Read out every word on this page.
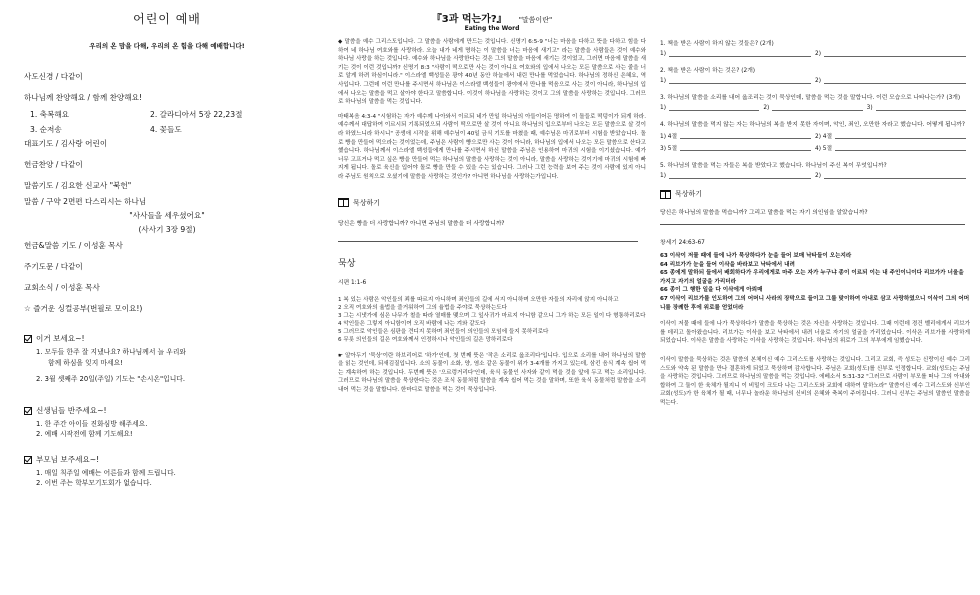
어린이 예배
우리의 온 맘을 다해, 우리의 온 힘을 다해 예배합니다!

사도신경 / 다같이

하나님께 찬양해요 / 함께 찬양해요!

1. 축복해요	2. 갈라디아서 5장 22,23절
3. 순저송	4. 꽃들도

대표기도 / 김사랑 어린이

헌금찬양 / 다같이

말씀기도 / 김요한 신교사 "북헌"

말씀 / 구약 2면편 다스리시는 하나님

"사사들을 세우셨어요"

(사사기 3장 9절)

헌금&말씀 기도 / 이성훈 목사

주기도문 / 다같이

교회소식 / 이성훈 목사

☆ 즐거운 싱컬공부(번필로 모이요!)

이거 보세요~!

1. 모두들 한주 잘 지냈나요? 하나님께서 늘 우리와

함께 하심을 잊지 마세요!

2. 3월 셋째주 20일(주일) 기도는 "손시온"입니다.

신생님들 반주세요~!

1. 한 주간 아이들 진화심방 해주세요.

2. 예배 시작전에 함께 기도해요!

부모님 보주세요~!

1. 매일 칙주일 예배는 어른들과 함께 드립니다.

2. 이번 주는 학부모기도회가 없습니다.

『3과 먹는가?』 "말씀이란"

Eating the Word

◆ 말씀을 예수 그리스도입니다. 그 말씀을 사람에게 만드는 것입니다. 신명기 6:5-9 "너는 마음을 다하고 뜻을 다하고 힘을 다하여 네 하나님 여호와를 사랑하라. 오늘 내가 네게 명하는 이 말씀을 너는 마음에 새기고" 라는 말씀을 사람들은 것이 예수와 하나님 사랑을 하는 것입니다. 예수와 하나님을 사랑한다는 것은 그의 말씀을 마음에 새기는 것이었고, 그러면 마음에 말씀을 새기는 것이 이런 것입니까? 신명기 8:3 "사람이 떡으로만 사는 것이 아니요 여호와의 입에서 나오는 모든 말씀으로 사는 줄을 너로 알게 하려 하심이니라." 이스라엘 백성들은 광야 40년 동안 하늘에서 내린 만나를 먹었습니다. 하나님의 정하신 은혜요, 역사입니다. 그런데 이런 만나를 주시면서 하나님은 이스라엘 백성들이 광야에서 만나를 먹음으로 사는 것이 아니라, 하나님의 입에서 나오는 말씀을 먹고 살아야 한다고 말씀합니다. 이것이 하나님을 사랑하는 것이고 그의 말씀을 사랑하는 것입니다. 그러므로 하나님의 말씀을 먹는 것입니다.

마태복음 4:3-4 "시험하는 자가 예수께 나아와서 이르되 네가 만일 하나님의 아들이어든 명하여 이 돌들로 떡덩이가 되게 하라. 예수께서 대답하여 이르시되 기록되었으되 사람이 떡으로만 살 것이 아니요 하나님의 입으로부터 나오는 모든 말씀으로 살 것이라 하였느니라 하시니" 공생애 시작을 위해 예수님이 40일 금식 기도를 마쳤을 때, 예수님은 마귀로부터 시험을 받았습니다. 돌로 빵을 만들어 먹으라는 것이었는데, 주님은 사람이 빵으로만 사는 것이 아니라, 하나님의 입에서 나오는 모든 말씀으로 산다고 했습니다. 하나님께서 이스라엘 백성들에게 만나를 주시면서 하신 말씀을 주님은 인용하여 마귀의 시험을 이기셨습니다. 예가 너무 고프거나 먹고 싶은 빵을 만들어 먹는 하나님의 말씀을 사랑하는 것이 아니라, 말씀을 사랑하는 것이기에 마귀의 시험에 빠지게 됩니다. 돌로 육신을 입어야 돌로 빵을 만들 수 있을 수는 있습니다. 그러나 그런 능력을 보여 주는 것이 사람에 있지 아니라 주님도 원칙으로 오셨기에 말씀을 사랑하는 것인가? 아니면 하나님을 사랑하는가입니다.

묵상하기

당신은 빵을 더 사랑합니까? 아니면 주님의 말씀을 더 사랑합니까?

묵상

시편 1:1-6

1 복 있는 사람은 악인들의 꾀를 따르지 아니하며 죄인들의 길에 서지 아니하며 오만한 자들의 자리에 앉지 아니하고

2 오직 여호와의 율법을 즐거워하여 그의 율법을 주야로 묵상하는도다

3 그는 시냇가에 심은 나무가 철을 따라 열매를 맺으며 그 잎사귀가 마르지 아니함 같으니 그가 하는 모든 일이 다 형통하리로다

4 악인들은 그렇지 아니함이여 오직 바람에 나는 겨와 같도다

5 그러므로 악인들은 심판을 견디지 못하며 죄인들이 의인들의 모임에 들지 못하리로다

6 무릇 의인들의 길은 여호와께서 인정하시나 악인들의 길은 망하리로다

☛ 알아두기 '묵상'이란 하브리어로 '하가'인데, 첫 번째 뜻은 '작은 소리로 읊조리다'입니다. 입으로 소리를 내어 하나님의 말씀을 읽는 것인데, 되새김질입니다. 소의 동물이 소화, 양, 염소 같은 동물이 위가 3-4개를 가지고 있는데, 삼킨 음식 계속 씹어 먹는 계속하여 하는 것입니다. 두번째 뜻은 '으르렁거리다'인데, 육식 동물인 사자와 같이 먹을 것을 앞에 두고 먹는 소리입니다. 그러므로 하나님의 말씀을 묵상한다는 것은 조식 동물처럼 말씀을 계속 씹어 먹는 것을 말하며, 또한 육식 동물처럼 말씀을 소리 내어 먹는 것을 말합니다. 한마디로 말씀을 먹는 것이 묵상입니다.

1. 책을 받은 사람이 하지 않는 것들은? (2개)

1)	2)

2. 책을 받은 사람이 하는 것은? (2개)

1)	2)

3. 하나님의 말씀을 소리를 내어 읊조리는 것이 묵상인데, 말씀을 먹는 것을 말합니다. 이런 모습으로 나타나는가? (3개)

1)	2)	3)

4. 하나님의 말씀을 먹지 않는 자는 하나님의 복을 받지 못한 자이며, 악인, 죄인, 오만한 자라고 했습니다. 어떻게 됩니까?

1) 4절	2) 4절
3) 5절	4) 5절

5. 하나님의 말씀을 먹는 자들은 복을 받았다고 했습니다. 하나님이 주신 복이 무엇입니까?

1)	2)
묵상하기

당신은 하나님의 말씀을 먹습니까? 그리고 말씀을 먹는 자기 의인임을 알았습니까?

창세기 24:63-67

63 이삭이 저물 때에 들에 나가 묵상하다가 눈을 들어 보매 낙타들이 오는지라

64 리브가가 눈을 들어 이삭을 바라보고 낙타에서 내려

65 종에게 말하되 들에서 배회하다가 우리에게로 마주 오는 자가 누구냐 종이 이르되 이는 내 주인이니이다 리브가가 너울을 가지고 자기의 얼굴을 가리더라

66 종이 그 행한 일을 다 이삭에게 아뢰매

67 이삭이 리브가를 인도하여 그의 어머니 사라의 장막으로 들이고 그를 맞이하여 아내로 삼고 사랑하였으니 이삭이 그의 어머니를 장례한 후에 위로를 얻었더라

이삭이 저물 때에 들에 나가 묵상하다가 말씀을 묵상하는 것은 자신을 사랑하는 것입니다. 그때 이런데 경건 벨리에게서 리브가를 데리고 돌아왔습니다. 리브가는 이삭을 보고 낙타에서 내려 너울로 자기의 얼굴을 가리었습니다. 이삭은 리브가를 사랑하게 되었습니다. 이삭은 말씀을 사랑하는 이삭을 사랑하는 것입니다. 하나님의 위로가 그의 부부에게 임했습니다.

이삭이 말씀을 묵상하는 것은 말씀의 본체이신 예수 그리스도를 사랑하는 것입니다. 그리고 교회, 즉 성도는 신랑이신 예수 그리스도와 약속 된 말씀을 만나 결혼하게 되었고 묵상하며 감사합니다. 주님은 교회(성도)를 신부로 인정합니다. 교회(성도)는 주님을 사랑하는 것입니다. 그러므로 하나님의 말씀을 먹는 것입니다. 에베소서 5:31-32 "그러므로 사람이 부모를 떠나 그의 아내와 합하여 그 둘이 한 육체가 될지니 이 비밀이 크도다 나는 그리스도와 교회에 대하여 말하노라" 말씀이신 예수 그리스도와 신부인 교회(성도)가 한 육체가 될 때, 너무나 놀라운 하나님의 신비의 은혜와 축복이 주어집니다. 그러니 신부는 주님의 말씀인 말씀을 먹는다.
